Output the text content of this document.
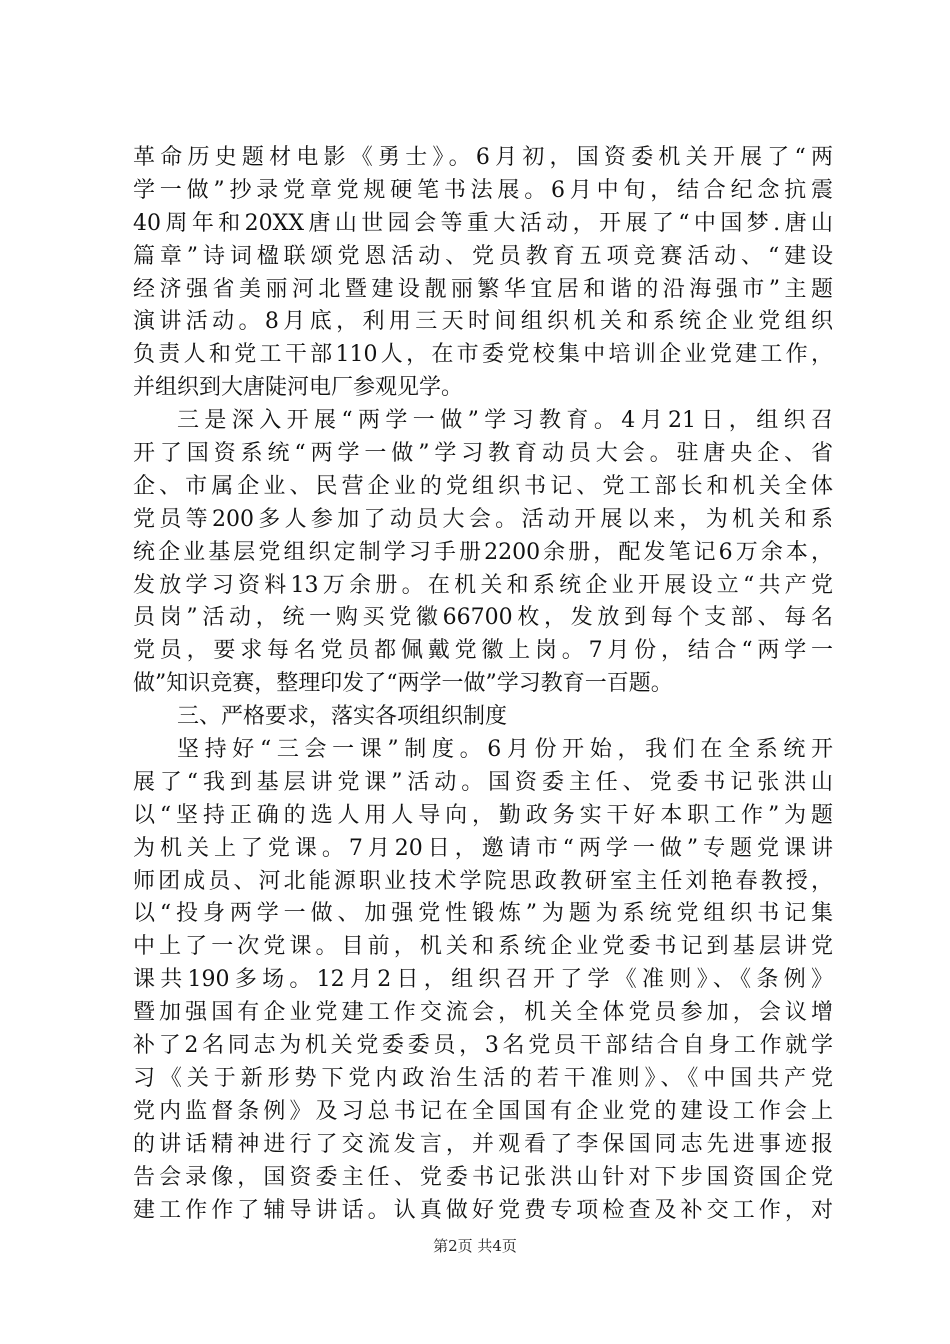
革命历史题材电影《勇士》。6月初，国资委机关开展了“两
学一做”抄录党章党规硬笔书法展。6月中旬，结合纪念抗震
40周年和20XX唐山世园会等重大活动，开展了“中国梦.唐山
篇章”诗词楹联颂党恩活动、党员教育五项竞赛活动、“建设
经济强省美丽河北暨建设靓丽繁华宜居和谐的沿海强市”主题
演讲活动。8月底，利用三天时间组织机关和系统企业党组织
负责人和党工干部110人，在市委党校集中培训企业党建工作，
并组织到大唐陡河电厂参观见学。
三是深入开展“两学一做”学习教育。4月21日，组织召
开了国资系统“两学一做”学习教育动员大会。驻唐央企、省
企、市属企业、民营企业的党组织书记、党工部长和机关全体
党员等200多人参加了动员大会。活动开展以来，为机关和系
统企业基层党组织定制学习手册2200余册，配发笔记6万余本，
发放学习资料13万余册。在机关和系统企业开展设立“共产党
员岗”活动，统一购买党徽66700枚，发放到每个支部、每名
党员，要求每名党员都佩戴党徽上岗。7月份，结合“两学一
做”知识竞赛，整理印发了“两学一做”学习教育一百题。
三、严格要求，落实各项组织制度
坚持好“三会一课”制度。6月份开始，我们在全系统开
展了“我到基层讲党课”活动。国资委主任、党委书记张洪山
以“坚持正确的选人用人导向，勤政务实干好本职工作”为题
为机关上了党课。7月20日，邀请市“两学一做”专题党课讲
师团成员、河北能源职业技术学院思政教研室主任刘艳春教授，
以“投身两学一做、加强党性锻炼”为题为系统党组织书记集
中上了一次党课。目前，机关和系统企业党委书记到基层讲党
课共190多场。12月2日，组织召开了学《准则》、《条例》
暨加强国有企业党建工作交流会，机关全体党员参加，会议增
补了2名同志为机关党委委员，3名党员干部结合自身工作就学
习《关于新形势下党内政治生活的若干准则》、《中国共产党
党内监督条例》及习总书记在全国国有企业党的建设工作会上
的讲话精神进行了交流发言，并观看了李保国同志先进事迹报
告会录像，国资委主任、党委书记张洪山针对下步国资国企党
建工作作了辅导讲话。认真做好党费专项检查及补交工作，对
第2页 共4页
